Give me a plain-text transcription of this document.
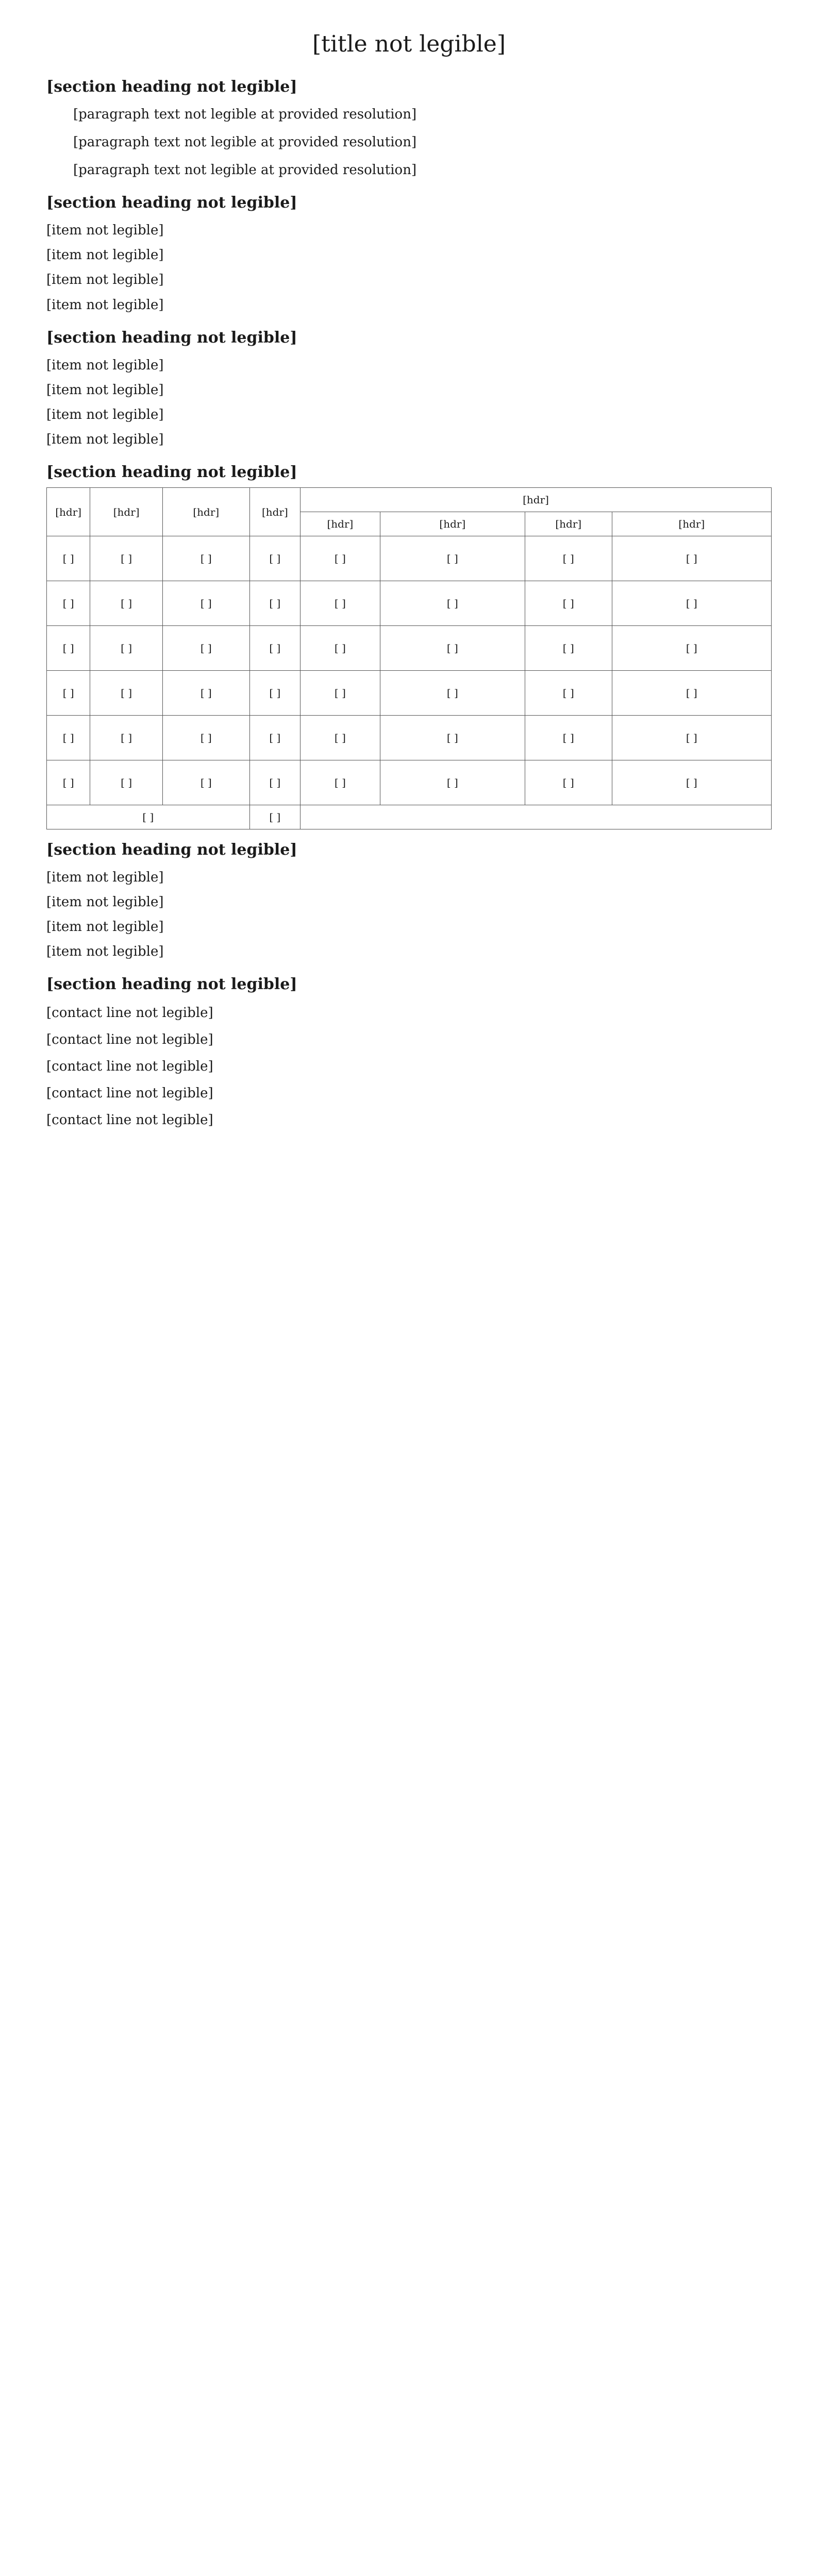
[title not legible]
[section heading not legible]

[paragraph text not legible at provided resolution]

[paragraph text not legible at provided resolution]

[paragraph text not legible at provided resolution]

[section heading not legible]

[item not legible]

[item not legible]

[item not legible]

[item not legible]

[section heading not legible]

[item not legible]

[item not legible]

[item not legible]

[item not legible]

[section heading not legible]
[hdr]	[hdr]	[hdr]	[hdr]	[hdr]			
				[hdr]	[hdr]	[hdr]	[hdr]
[ ]	[ ]	[ ]	[ ]	[ ]	[ ]	[ ]	[ ]
[ ]	[ ]	[ ]	[ ]	[ ]	[ ]	[ ]	[ ]
[ ]	[ ]	[ ]	[ ]	[ ]	[ ]	[ ]	[ ]
[ ]	[ ]	[ ]	[ ]	[ ]	[ ]	[ ]	[ ]
[ ]	[ ]	[ ]	[ ]	[ ]	[ ]	[ ]	[ ]
[ ]	[ ]	[ ]	[ ]	[ ]	[ ]	[ ]	[ ]
[ ]			[ ]				
[section heading not legible]

[item not legible]

[item not legible]

[item not legible]

[item not legible]

[section heading not legible]

[contact line not legible]

[contact line not legible]

[contact line not legible]

[contact line not legible]

[contact line not legible]
